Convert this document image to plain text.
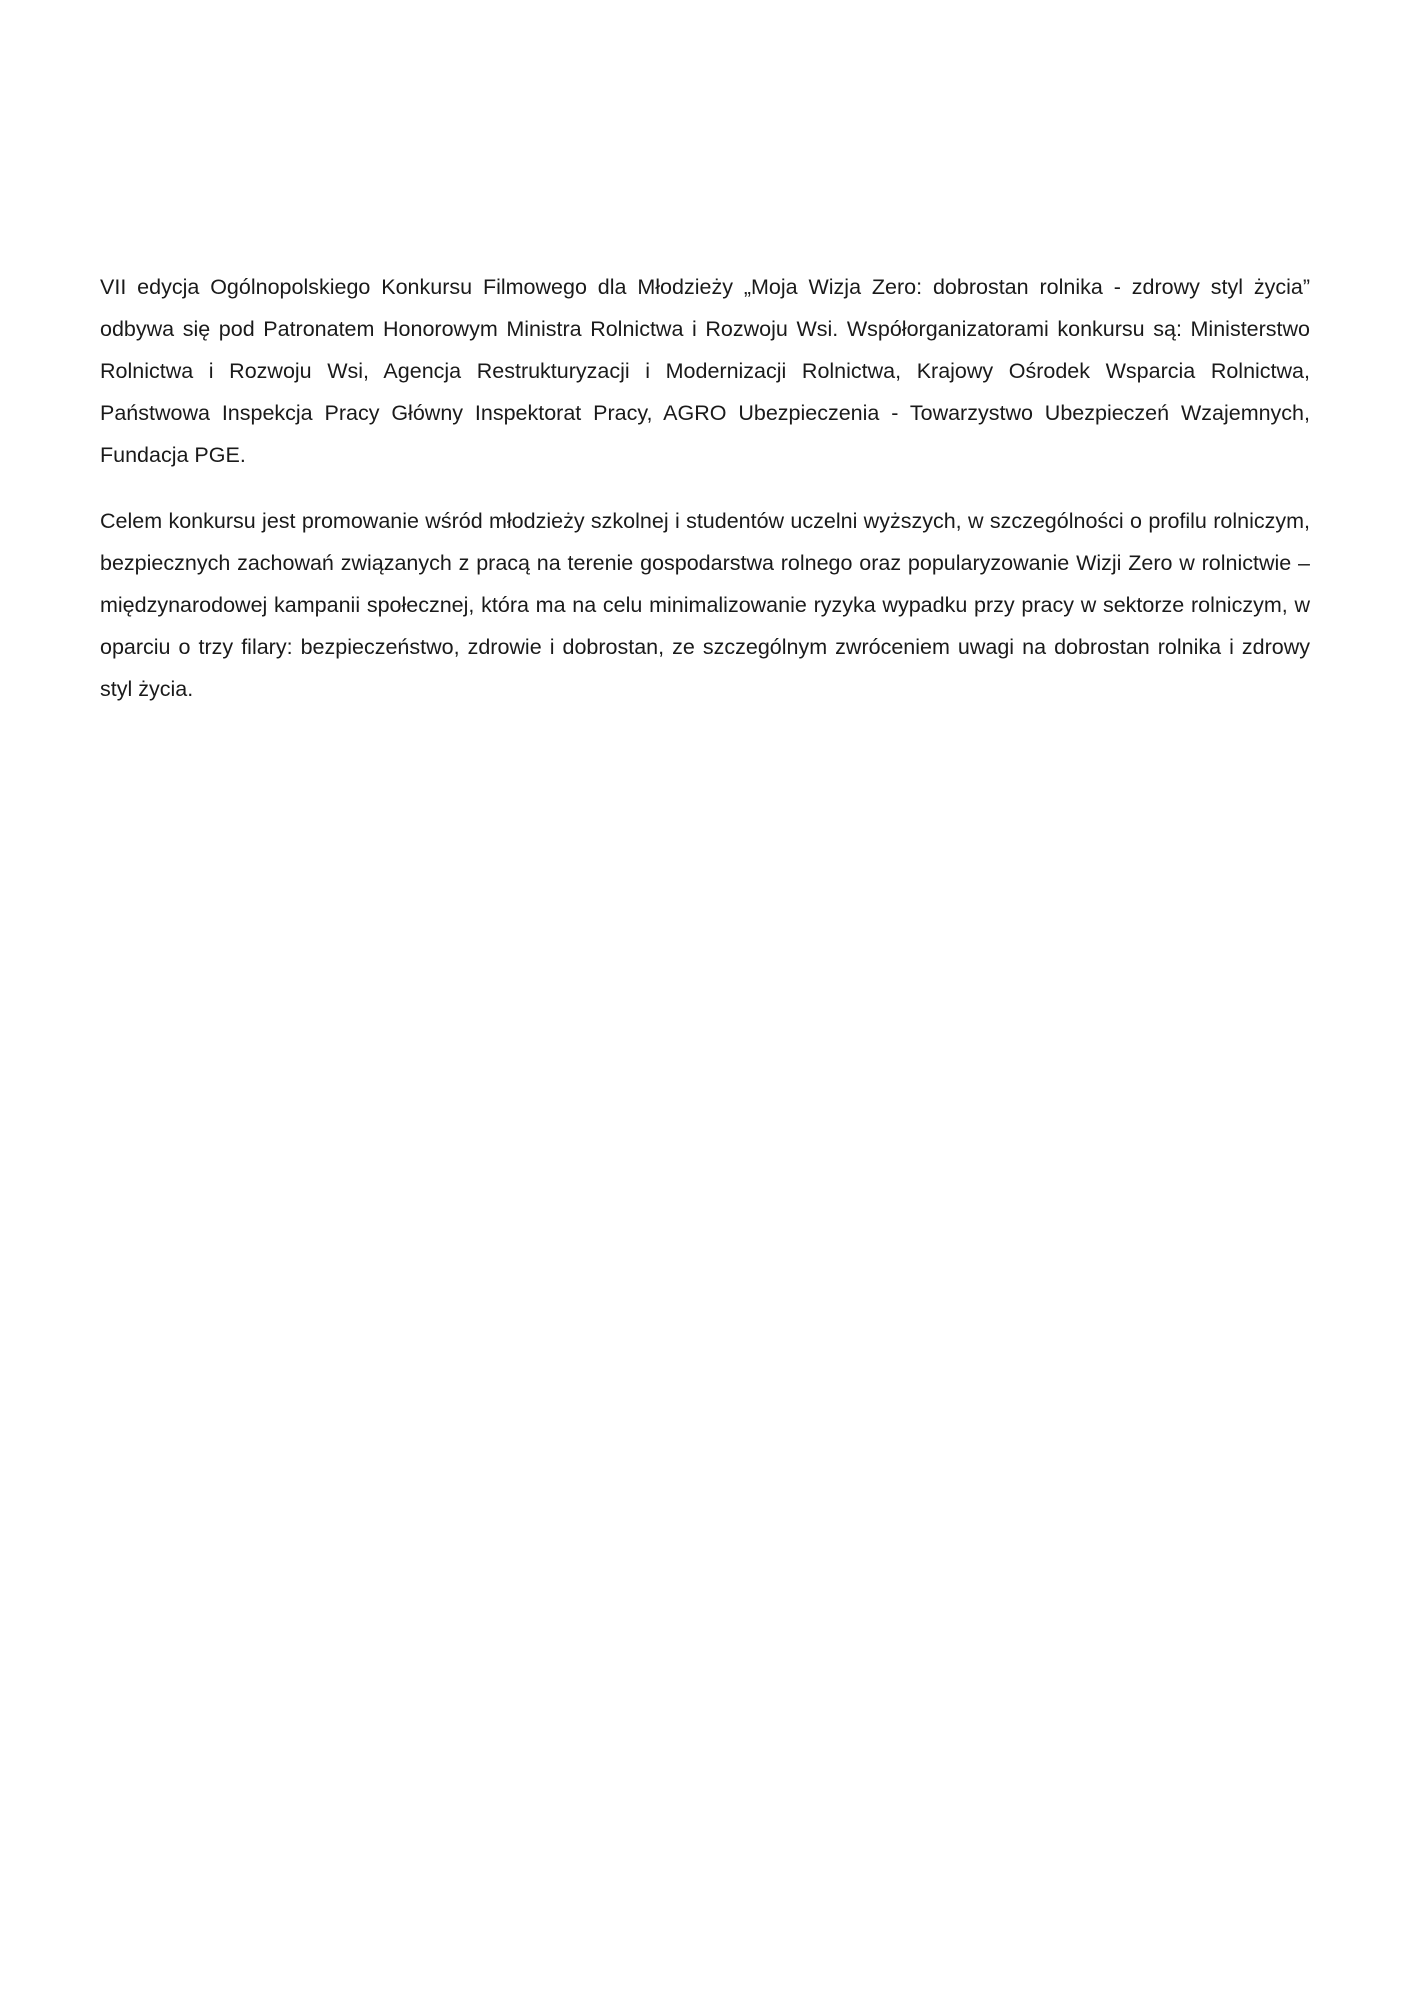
VII edycja Ogólnopolskiego Konkursu Filmowego dla Młodzieży „Moja Wizja Zero: dobrostan rolnika - zdrowy styl życia” odbywa się pod Patronatem Honorowym Ministra Rolnictwa i Rozwoju Wsi. Współorganizatorami konkursu są: Ministerstwo Rolnictwa i Rozwoju Wsi, Agencja Restrukturyzacji i Modernizacji Rolnictwa, Krajowy Ośrodek Wsparcia Rolnictwa, Państwowa Inspekcja Pracy Główny Inspektorat Pracy, AGRO Ubezpieczenia - Towarzystwo Ubezpieczeń Wzajemnych, Fundacja PGE.

Celem konkursu jest promowanie wśród młodzieży szkolnej i studentów uczelni wyższych, w szczególności o profilu rolniczym, bezpiecznych zachowań związanych z pracą na terenie gospodarstwa rolnego oraz popularyzowanie Wizji Zero w rolnictwie – międzynarodowej kampanii społecznej, która ma na celu minimalizowanie ryzyka wypadku przy pracy w sektorze rolniczym, w oparciu o trzy filary: bezpieczeństwo, zdrowie i dobrostan, ze szczególnym zwróceniem uwagi na dobrostan rolnika i zdrowy styl życia.
